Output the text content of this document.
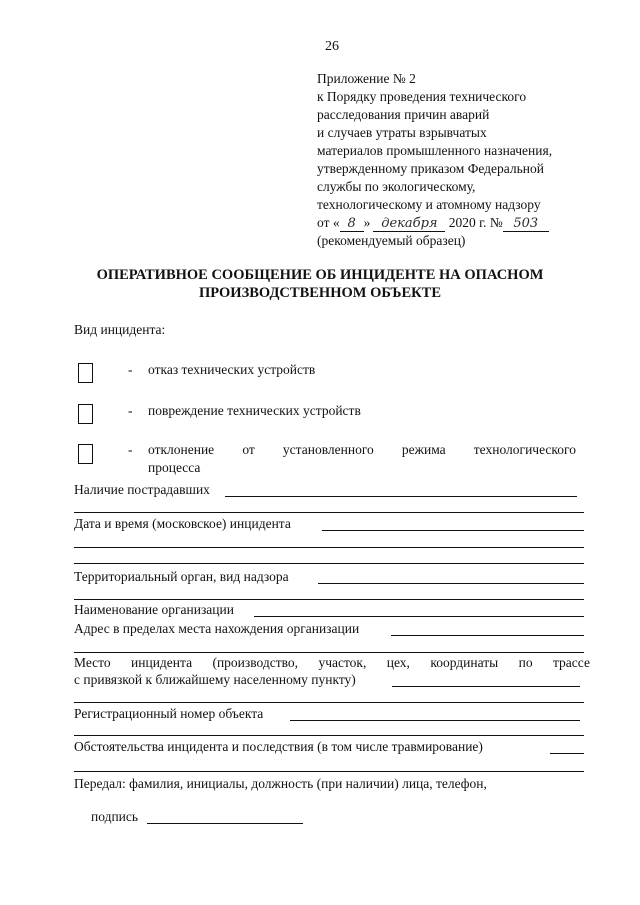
26
Приложение № 2
к Порядку проведения технического
расследования причин аварий
и случаев утраты взрывчатых
материалов промышленного назначения,
утвержденному приказом Федеральной
службы по экологическому,
технологическому и атомному надзору
от « 8 » декабря 2020 г. № 503
(рекомендуемый образец)
ОПЕРАТИВНОЕ СООБЩЕНИЕ ОБ ИНЦИДЕНТЕ НА ОПАСНОМ
ПРОИЗВОДСТВЕННОМ ОБЪЕКТЕ
Вид инцидента:
- отказ технических устройств
- повреждение технических устройств
- отклонение от установленного режима технологического
процесса
Наличие пострадавших
Дата и время (московское) инцидента
Территориальный орган, вид надзора
Наименование организации
Адрес в пределах места нахождения организации
Место инцидента (производство, участок, цех, координаты по трассе
с привязкой к ближайшему населенному пункту)
Регистрационный номер объекта
Обстоятельства инцидента и последствия (в том числе травмирование)
Передал: фамилия, инициалы, должность (при наличии) лица, телефон,
подпись
